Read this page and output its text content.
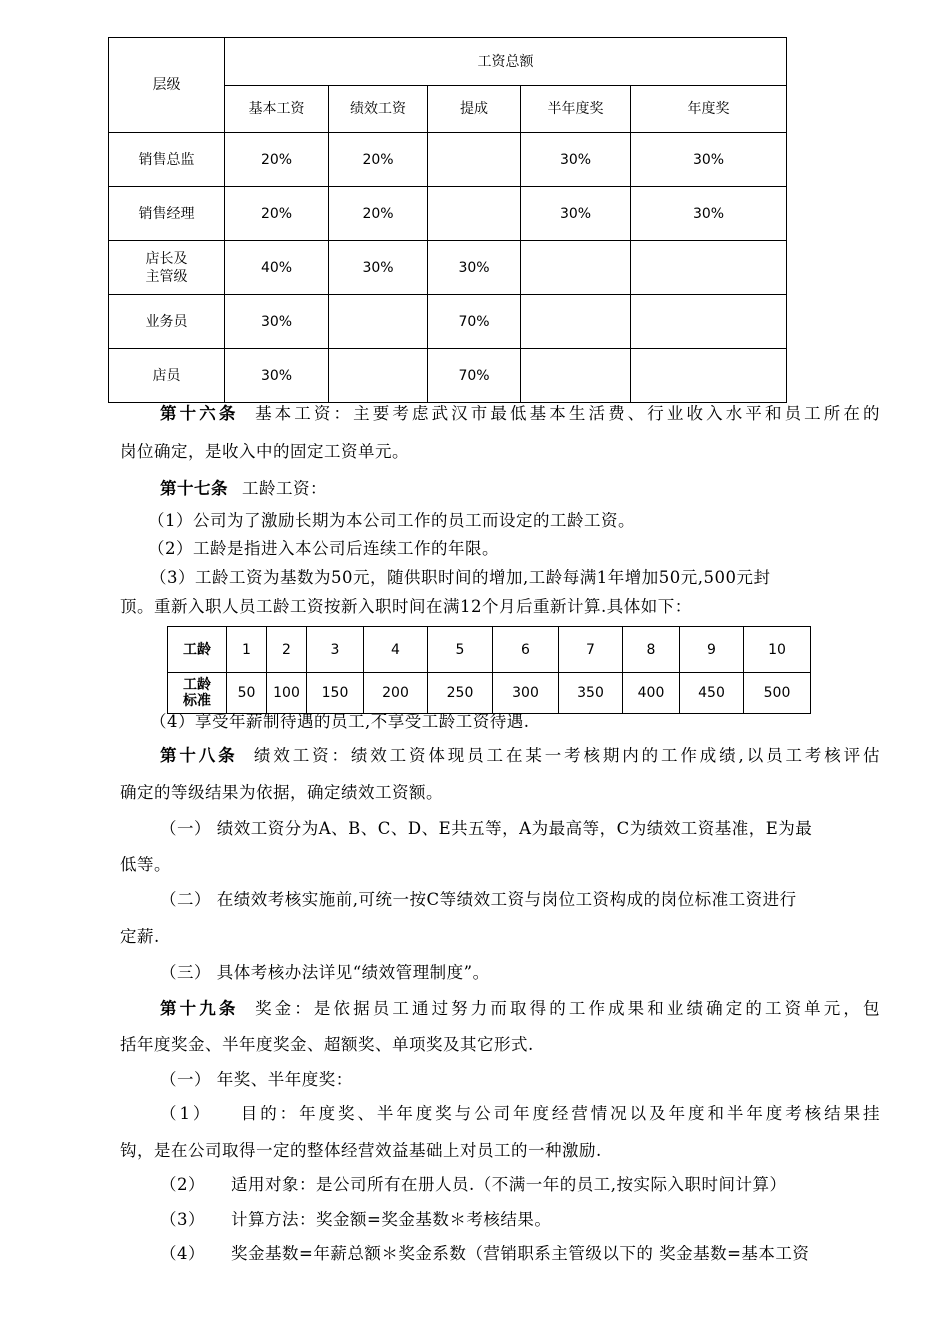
层级	工资总额				
	基本工资	绩效工资	提成	半年度奖	年度奖
销售总监	20%	20%		30%	30%
销售经理	20%	20%		30%	30%
店长及
主管级	40%	30%	30%		
业务员	30%		70%		
店员	30%		70%		
第十六条 基本工资：主要考虑武汉市最低基本生活费、行业收入水平和员工所在的
岗位确定，是收入中的固定工资单元。
第十七条 工龄工资：
（1）公司为了激励长期为本公司工作的员工而设定的工龄工资。
（2）工龄是指进入本公司后连续工作的年限。
（3）工龄工资为基数为50元，随供职时间的增加,工龄每满1年增加50元,500元封
顶。重新入职人员工龄工资按新入职时间在满12个月后重新计算.具体如下：
工龄	1	2	3	4	5	6	7	8	9	10
工龄
标准	50	100	150	200	250	300	350	400	450	500
（4）享受年薪制待遇的员工,不享受工龄工资待遇.
第十八条 绩效工资：绩效工资体现员工在某一考核期内的工作成绩,以员工考核评估
确定的等级结果为依据，确定绩效工资额。
（一） 绩效工资分为A、B、C、D、E共五等，A为最高等，C为绩效工资基准，E为最
低等。
（二） 在绩效考核实施前,可统一按C等绩效工资与岗位工资构成的岗位标准工资进行
定薪.
（三） 具体考核办法详见“绩效管理制度”。
第十九条 奖金：是依据员工通过努力而取得的工作成果和业绩确定的工资单元，包
括年度奖金、半年度奖金、超额奖、单项奖及其它形式.
（一） 年奖、半年度奖：
（1） 目的：年度奖、半年度奖与公司年度经营情况以及年度和半年度考核结果挂
钩，是在公司取得一定的整体经营效益基础上对员工的一种激励.
（2） 适用对象：是公司所有在册人员.（不满一年的员工,按实际入职时间计算）
（3） 计算方法：奖金额=奖金基数＊考核结果。
（4） 奖金基数=年薪总额＊奖金系数（营销职系主管级以下的 奖金基数=基本工资
